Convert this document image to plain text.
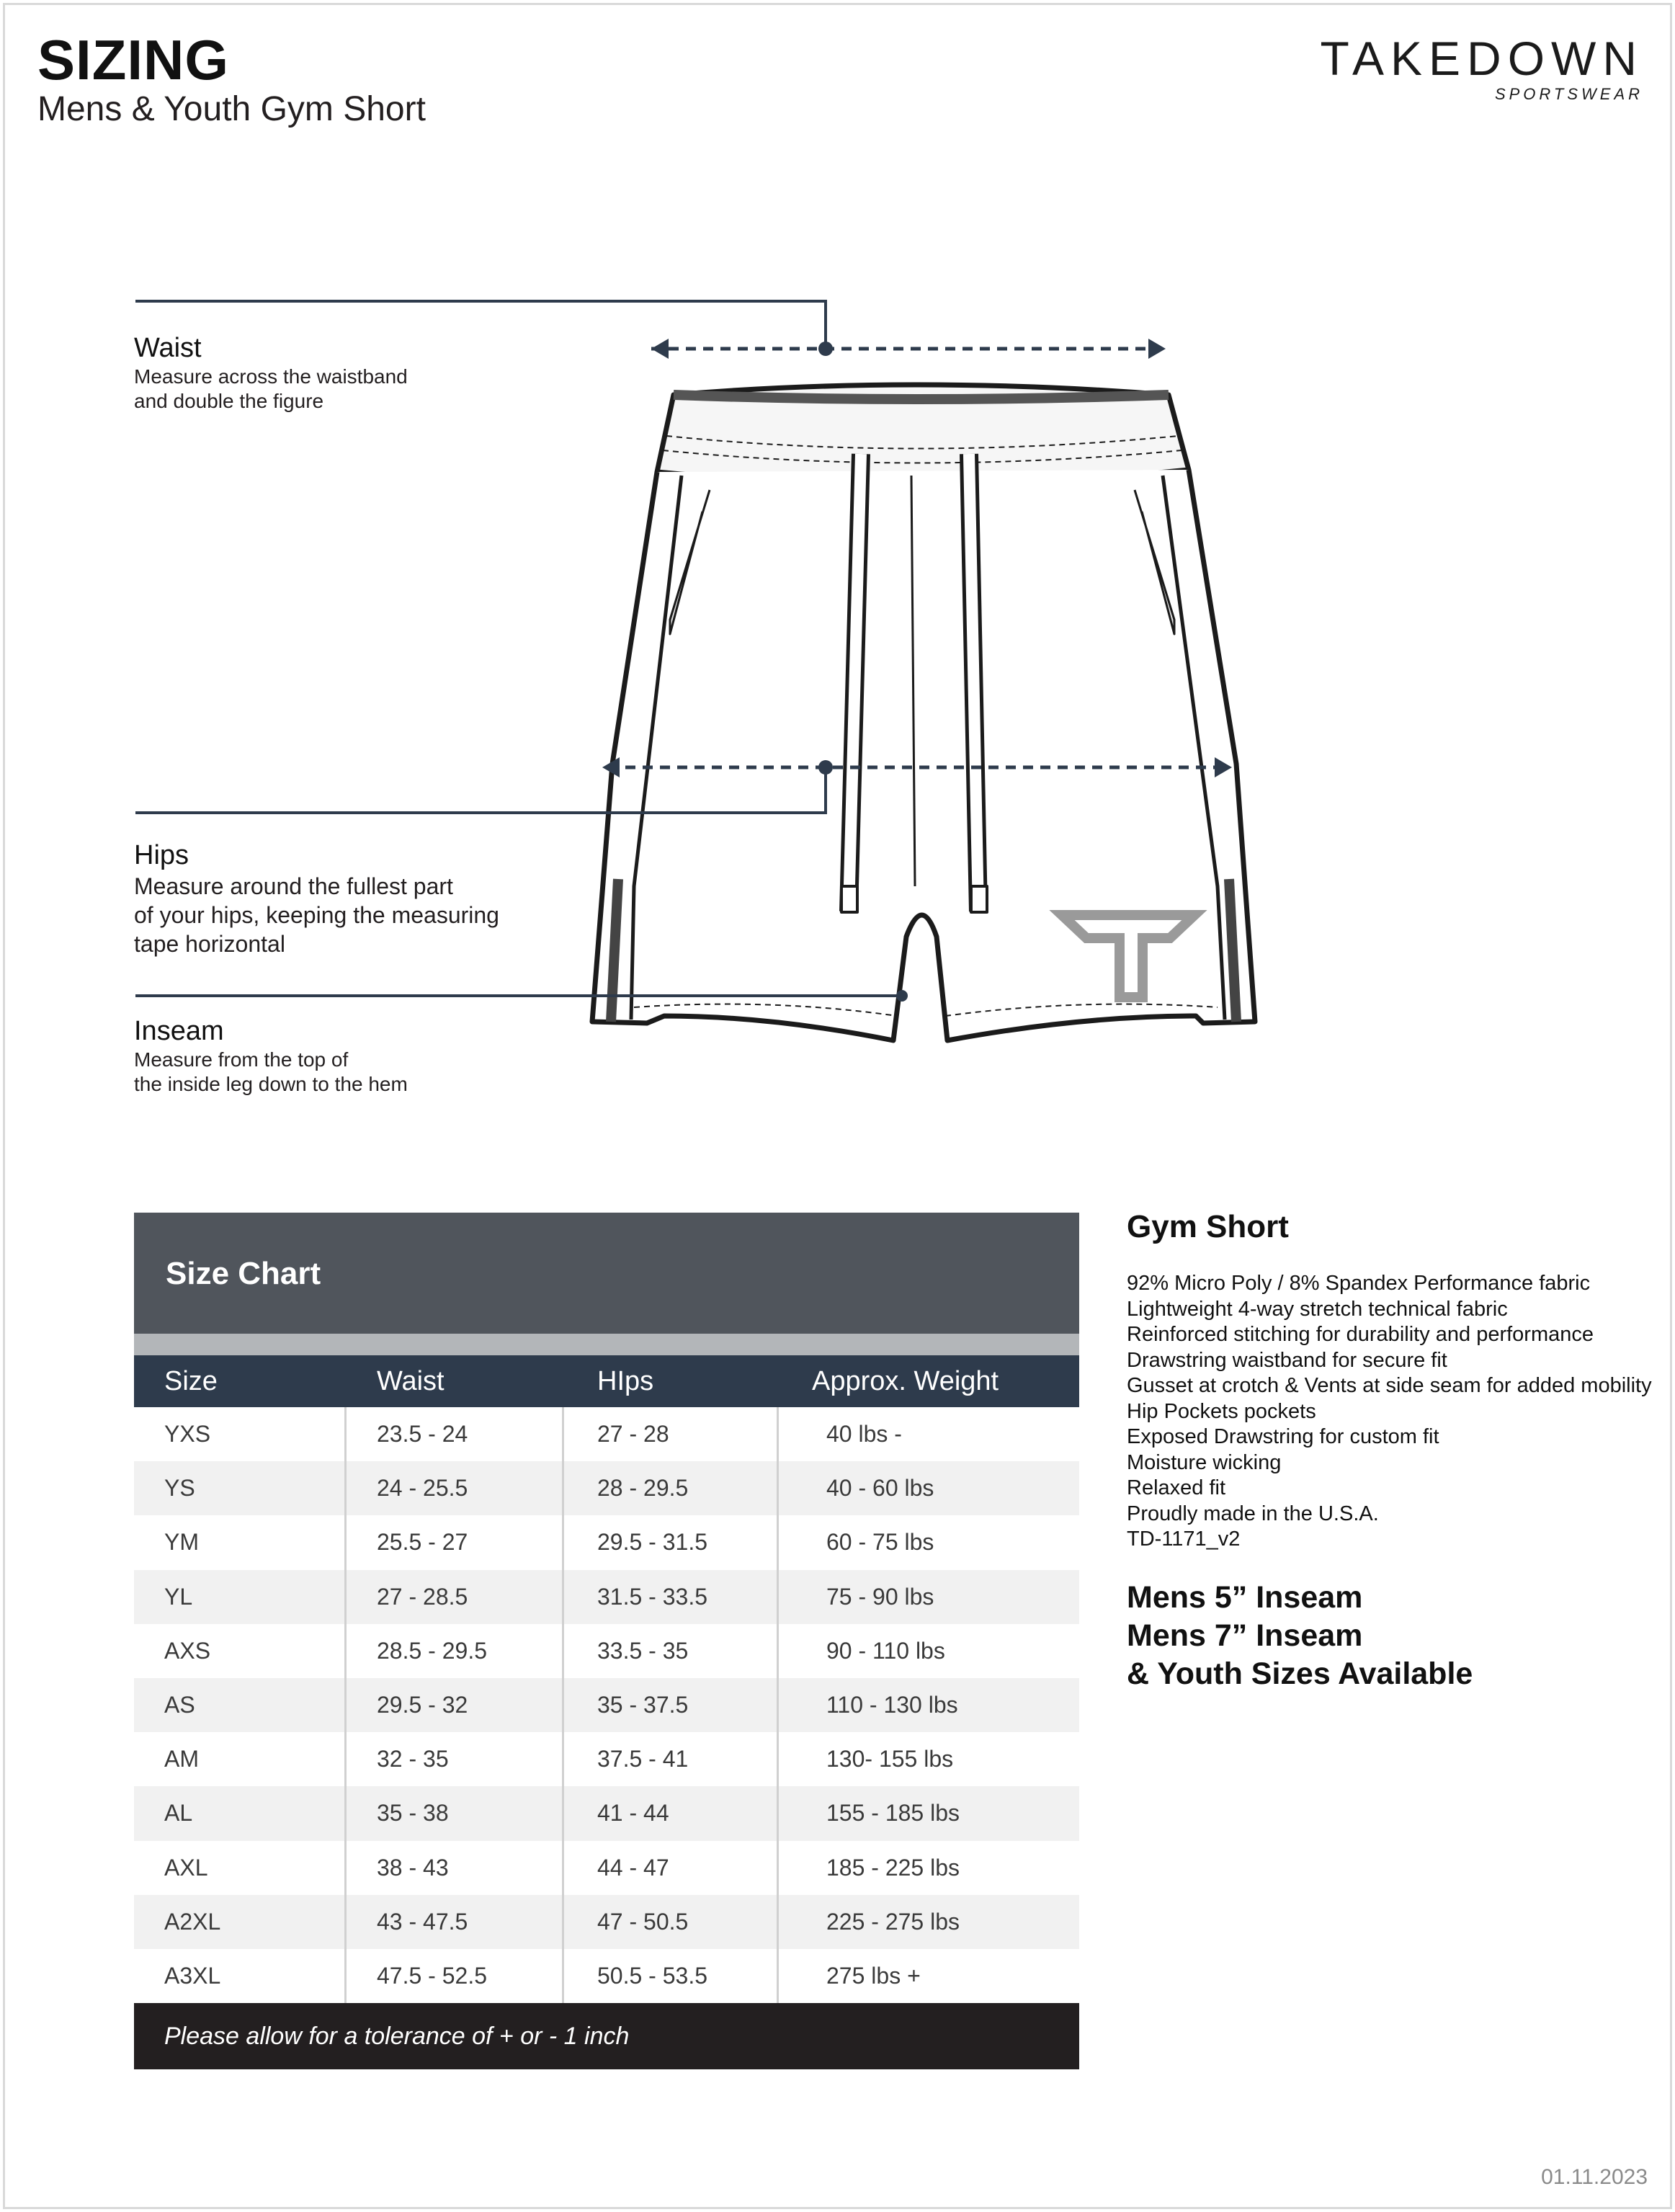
SIZING
Mens & Youth Gym Short
TAKEDOWN
SPORTSWEAR
Waist
Measure across the waistband
and double the figure
Hips
Measure around the fullest part
of your hips, keeping the measuring
tape horizontal
Inseam
Measure from the top of
the inside leg down to the hem
Size Chart
Size	Waist	HIps	Approx. Weight
YXS	23.5 - 24	27 - 28	40 lbs -
YS	24 - 25.5	28 - 29.5	40 - 60 lbs
YM	25.5 - 27	29.5 - 31.5	60 - 75 lbs
YL	27 - 28.5	31.5 - 33.5	75 - 90 lbs
AXS	28.5 - 29.5	33.5 - 35	90 - 110 lbs
AS	29.5 - 32	35 - 37.5	110 - 130 lbs
AM	32 - 35	37.5 - 41	130- 155 lbs
AL	35 - 38	41 - 44	155 - 185 lbs
AXL	38 - 43	44 - 47	185 - 225 lbs
A2XL	43 - 47.5	47 - 50.5	225 - 275 lbs
A3XL	47.5 - 52.5	50.5 - 53.5	275 lbs +
Please allow for a tolerance of + or - 1 inch
Gym Short
92% Micro Poly / 8% Spandex Performance fabric
Lightweight 4-way stretch technical fabric
Reinforced stitching for durability and performance
Drawstring waistband for secure fit
Gusset at crotch & Vents at side seam for added mobility
Hip Pockets pockets
Exposed Drawstring for custom fit
Moisture wicking
Relaxed fit
Proudly made in the U.S.A.
TD-1171_v2
Mens 5” Inseam
Mens 7” Inseam
& Youth Sizes Available
01.11.2023
